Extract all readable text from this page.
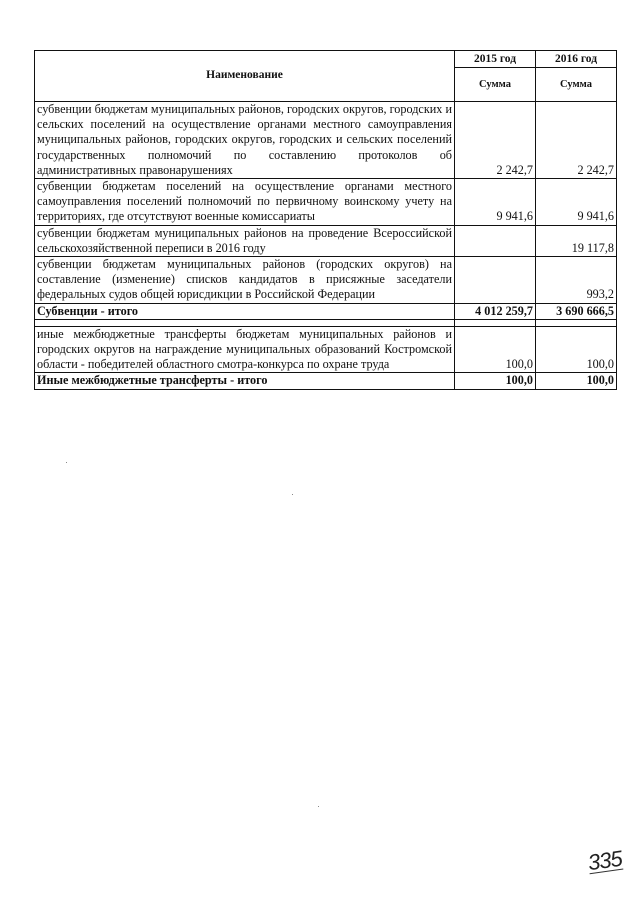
Наименование	2015 год	2016 год
	Сумма	Сумма
субвенции бюджетам муниципальных районов, городских округов, городских и сельских поселений на осуществление органами местного самоуправления муниципальных районов, городских округов, городских и сельских поселений государственных полномочий по составлению протоколов об административных правонарушениях	2 242,7	2 242,7
субвенции бюджетам поселений на осуществление органами местного самоуправления поселений полномочий по первичному воинскому учету на территориях, где отсутствуют военные комиссариаты	9 941,6	9 941,6
субвенции бюджетам муниципальных районов на проведение Всероссийской сельскохозяйственной переписи в 2016 году		19 117,8
субвенции бюджетам муниципальных районов (городских округов) на составление (изменение) списков кандидатов в присяжные заседатели федеральных судов общей юрисдикции в Российской Федерации		993,2
Субвенции - итого	4 012 259,7	3 690 666,5

иные межбюджетные трансферты бюджетам муниципальных районов и городских округов на награждение муниципальных образований Костромской области - победителей областного смотра-конкурса по охране труда	100,0	100,0
Иные межбюджетные трансферты - итого	100,0	100,0
335
